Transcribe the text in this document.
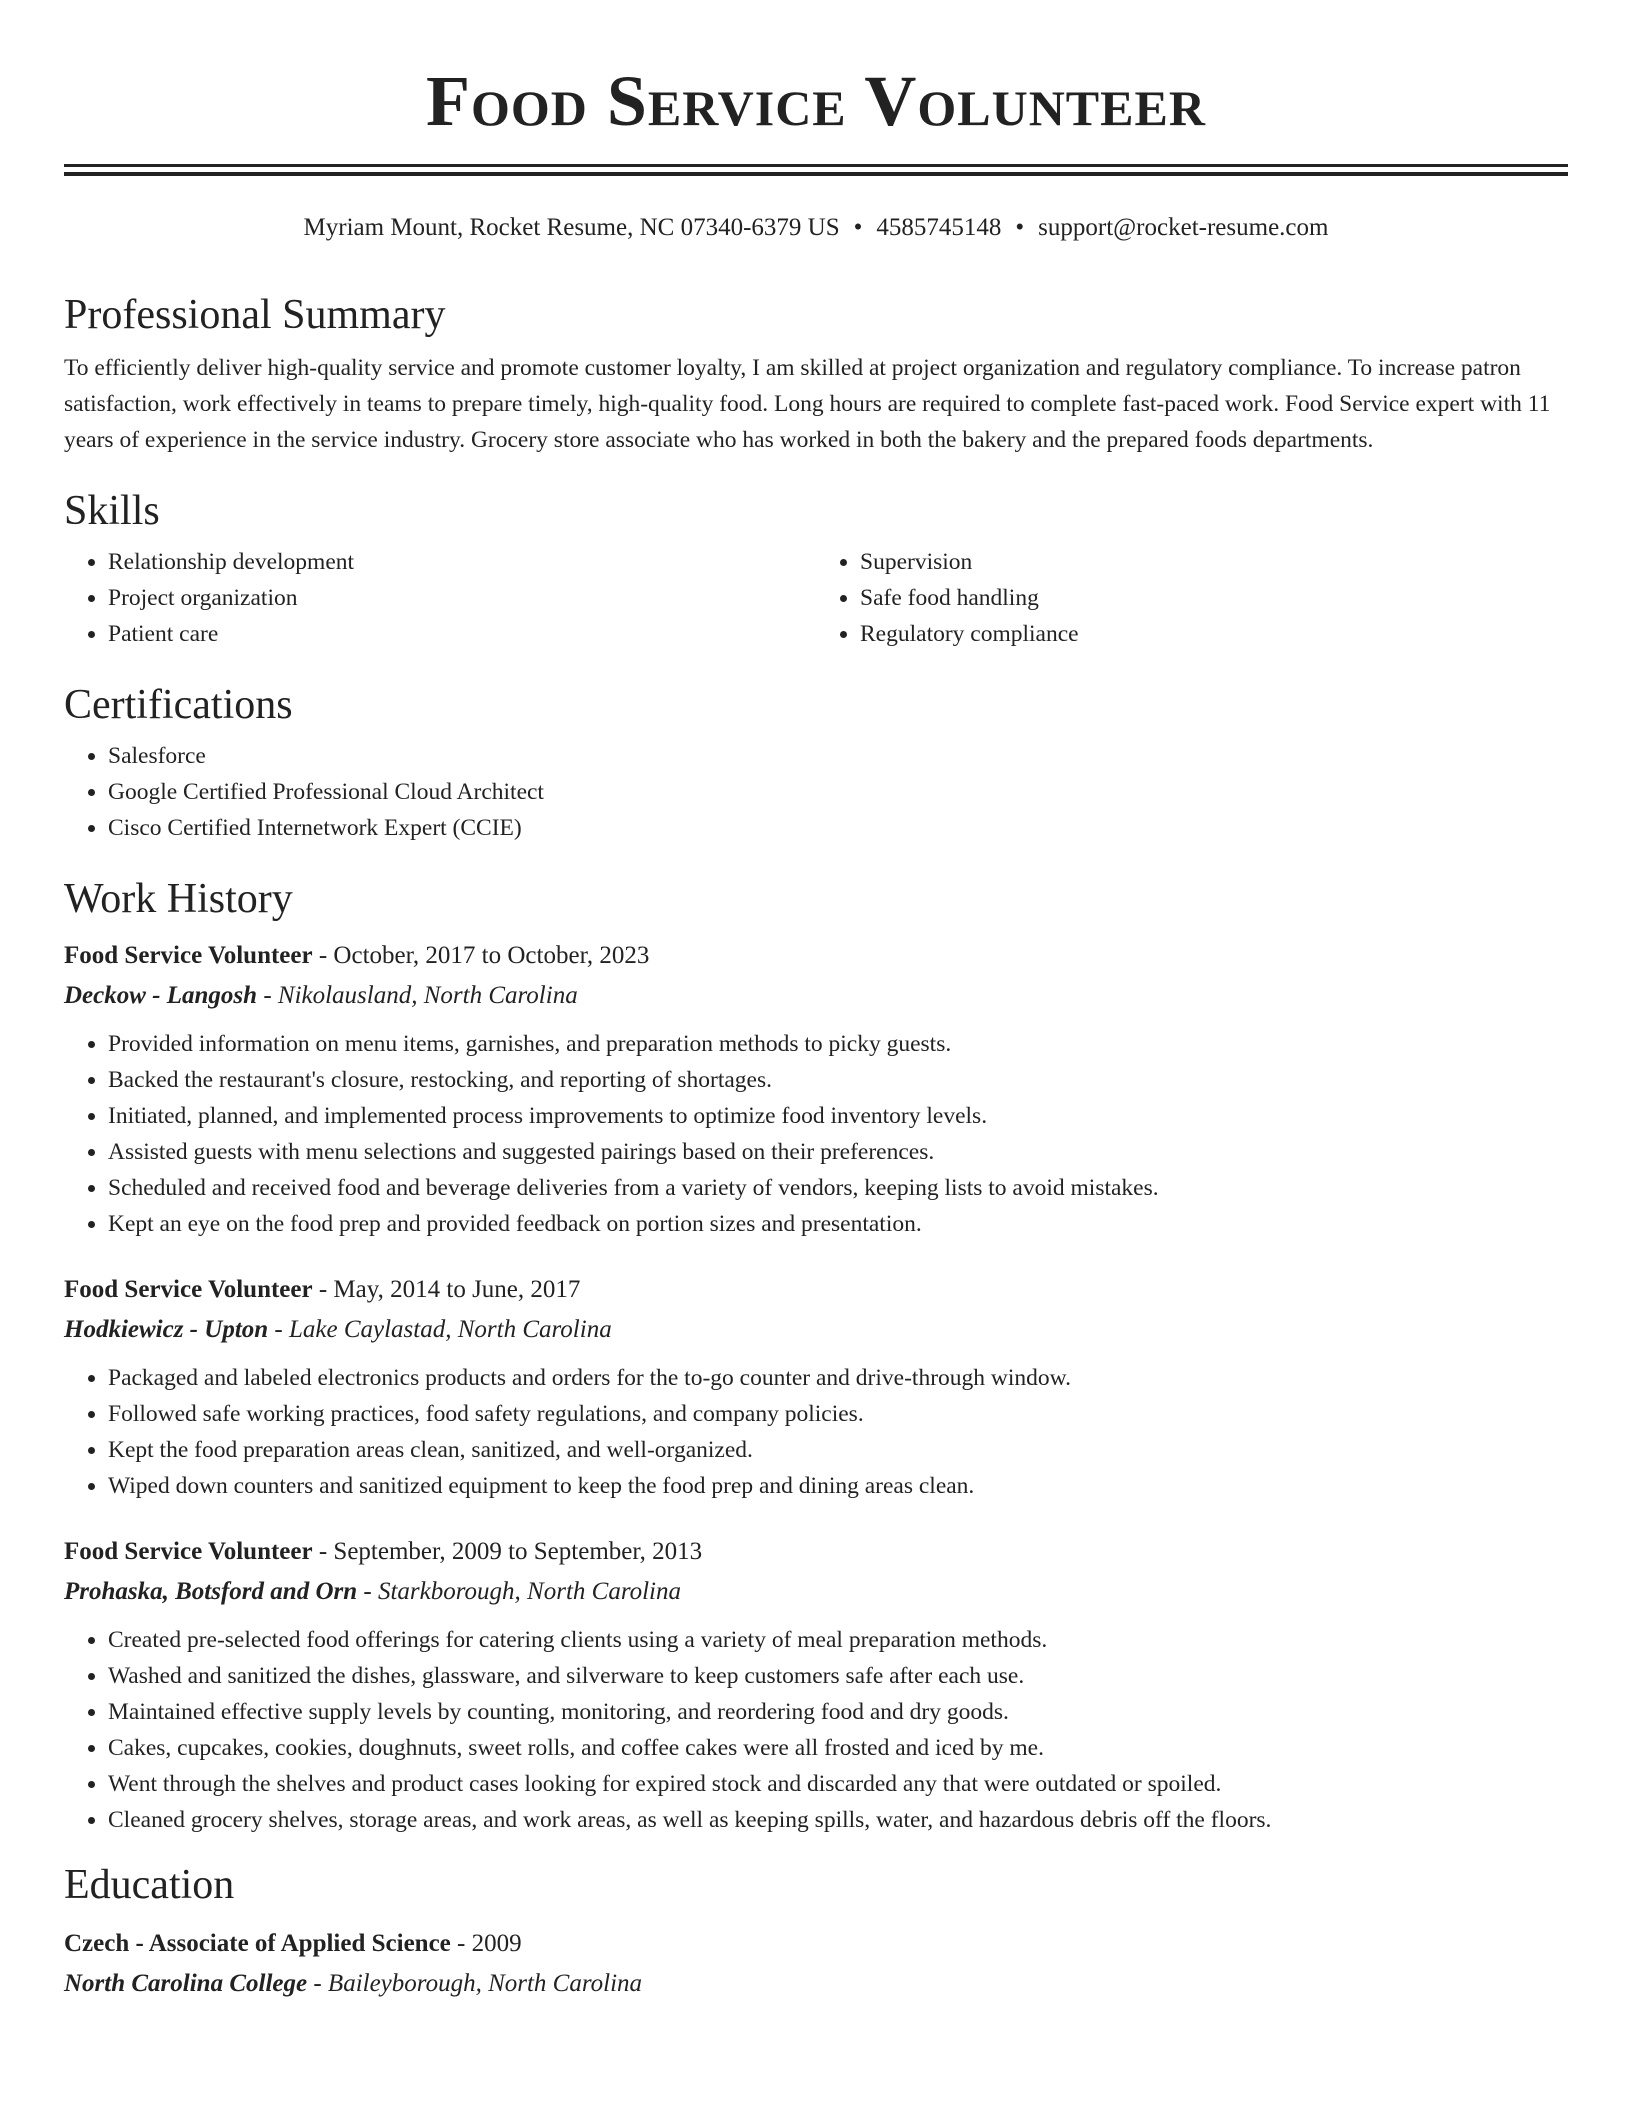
Food Service Volunteer
Myriam Mount, Rocket Resume, NC 07340-6379 US • 4585745148 • support@rocket-resume.com
Professional Summary

To efficiently deliver high-quality service and promote customer loyalty, I am skilled at project organization and regulatory compliance. To increase patron satisfaction, work effectively in teams to prepare timely, high-quality food. Long hours are required to complete fast-paced work. Food Service expert with 11 years of experience in the service industry. Grocery store associate who has worked in both the bakery and the prepared foods departments.

Skills
• Relationship development
• Project organization
• Patient care
• Supervision
• Safe food handling
• Regulatory compliance
Certifications
• Salesforce
• Google Certified Professional Cloud Architect
• Cisco Certified Internetwork Expert (CCIE)
Work History
Food Service Volunteer - October, 2017 to October, 2023
Deckow - Langosh - Nikolausland, North Carolina
• Provided information on menu items, garnishes, and preparation methods to picky guests.
• Backed the restaurant's closure, restocking, and reporting of shortages.
• Initiated, planned, and implemented process improvements to optimize food inventory levels.
• Assisted guests with menu selections and suggested pairings based on their preferences.
• Scheduled and received food and beverage deliveries from a variety of vendors, keeping lists to avoid mistakes.
• Kept an eye on the food prep and provided feedback on portion sizes and presentation.
Food Service Volunteer - May, 2014 to June, 2017
Hodkiewicz - Upton - Lake Caylastad, North Carolina
• Packaged and labeled electronics products and orders for the to-go counter and drive-through window.
• Followed safe working practices, food safety regulations, and company policies.
• Kept the food preparation areas clean, sanitized, and well-organized.
• Wiped down counters and sanitized equipment to keep the food prep and dining areas clean.
Food Service Volunteer - September, 2009 to September, 2013
Prohaska, Botsford and Orn - Starkborough, North Carolina
• Created pre-selected food offerings for catering clients using a variety of meal preparation methods.
• Washed and sanitized the dishes, glassware, and silverware to keep customers safe after each use.
• Maintained effective supply levels by counting, monitoring, and reordering food and dry goods.
• Cakes, cupcakes, cookies, doughnuts, sweet rolls, and coffee cakes were all frosted and iced by me.
• Went through the shelves and product cases looking for expired stock and discarded any that were outdated or spoiled.
• Cleaned grocery shelves, storage areas, and work areas, as well as keeping spills, water, and hazardous debris off the floors.
Education
Czech - Associate of Applied Science - 2009
North Carolina College - Baileyborough, North Carolina
